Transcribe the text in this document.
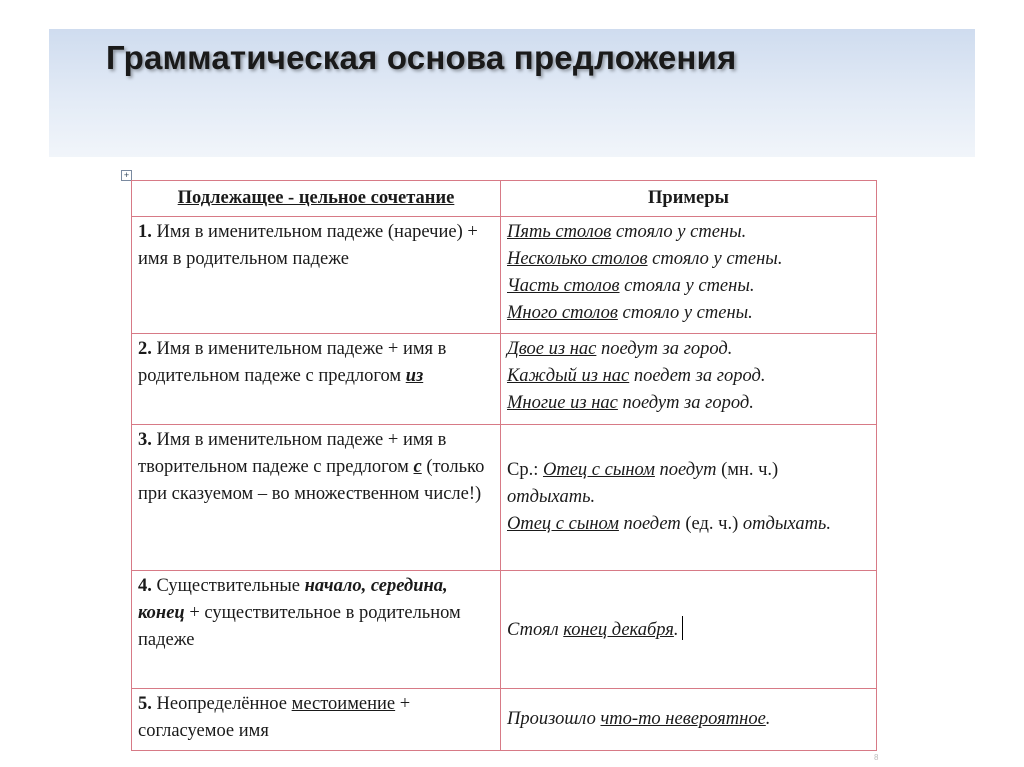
Грамматическая основа предложения
+
Подлежащее - цельное сочетание	Примеры
1. Имя в именительном падеже (наречие) + имя в родительном падеже	Пять столов стояло у стены.
Несколько столов стояло у стены.
Часть столов стояла у стены.
Много столов стояло у стены.
2. Имя в именительном падеже + имя в родительном падеже с предлогом из	Двое из нас поедут за город.
Каждый из нас поедет за город.
Многие из нас поедут за город.
3. Имя в именительном падеже + имя в творительном падеже с предлогом с (только при сказуемом – во множественном числе!)	Ср.: Отец с сыном поедут (мн. ч.) отдыхать.
Отец с сыном поедет (ед. ч.) отдыхать.
4. Существительные начало, середина, конец + существительное в родительном падеже	Стоял конец декабря.
5. Неопределённое местоимение + согласуемое имя	Произошло что-то невероятное.
8
